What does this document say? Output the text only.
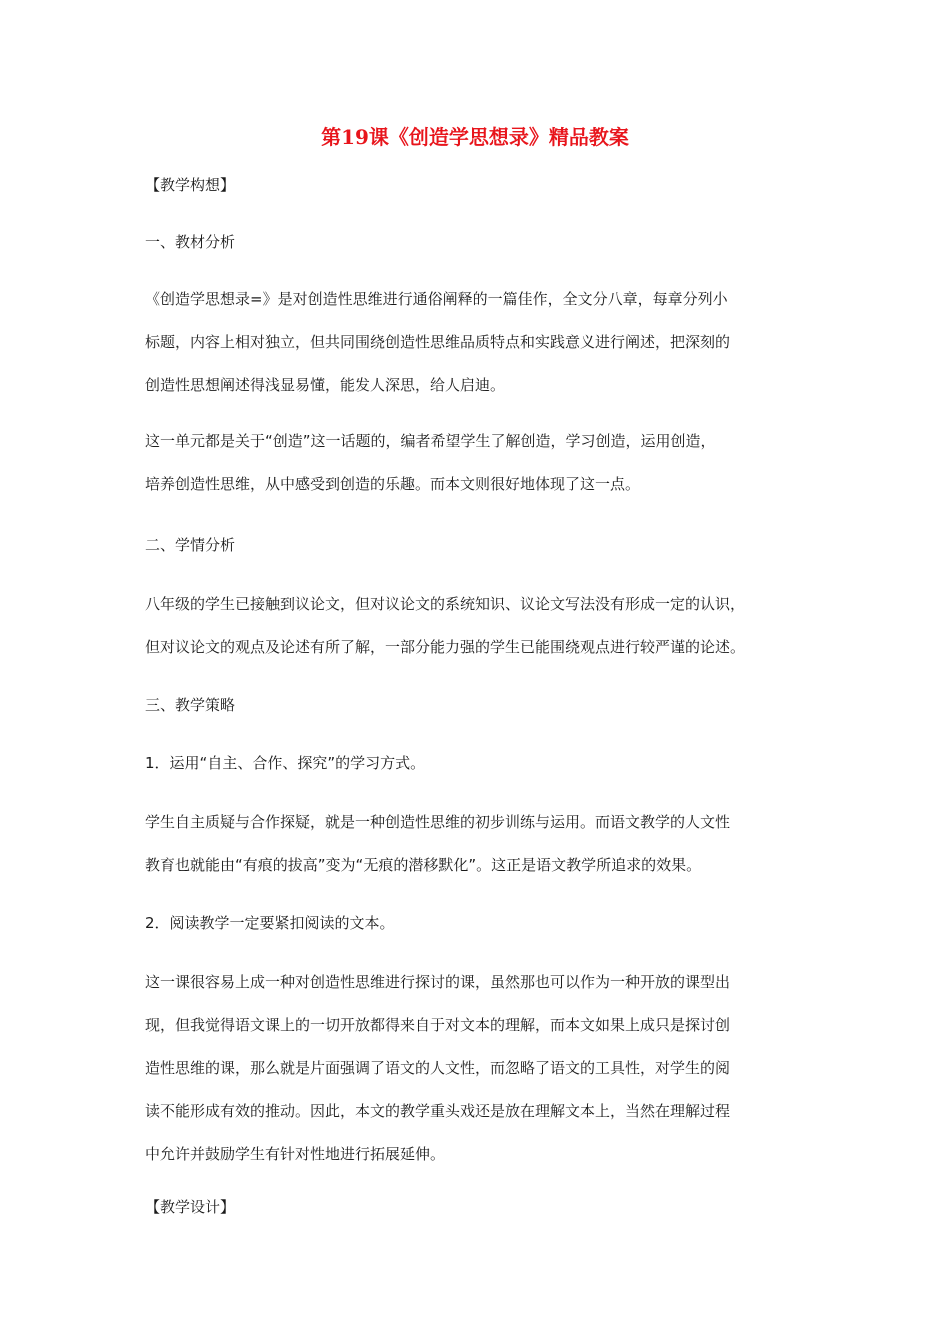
第19课《创造学思想录》精品教案

【教学构想】

一、教材分析

《创造学思想录=》是对创造性思维进行通俗阐释的一篇佳作，全文分八章，每章分列小
标题，内容上相对独立，但共同围绕创造性思维品质特点和实践意义进行阐述，把深刻的
创造性思想阐述得浅显易懂，能发人深思，给人启迪。

这一单元都是关于“创造”这一话题的，编者希望学生了解创造，学习创造，运用创造，
培养创造性思维，从中感受到创造的乐趣。而本文则很好地体现了这一点。

二、学情分析

八年级的学生已接触到议论文，但对议论文的系统知识、议论文写法没有形成一定的认识，
但对议论文的观点及论述有所了解，一部分能力强的学生已能围绕观点进行较严谨的论述。

三、教学策略

1．运用“自主、合作、探究”的学习方式。

学生自主质疑与合作探疑，就是一种创造性思维的初步训练与运用。而语文教学的人文性
教育也就能由“有痕的拔高”变为“无痕的潜移默化”。这正是语文教学所追求的效果。

2．阅读教学一定要紧扣阅读的文本。

这一课很容易上成一种对创造性思维进行探讨的课，虽然那也可以作为一种开放的课型出
现，但我觉得语文课上的一切开放都得来自于对文本的理解，而本文如果上成只是探讨创
造性思维的课，那么就是片面强调了语文的人文性，而忽略了语文的工具性，对学生的阅
读不能形成有效的推动。因此，本文的教学重头戏还是放在理解文本上，当然在理解过程
中允许并鼓励学生有针对性地进行拓展延伸。

【教学设计】
